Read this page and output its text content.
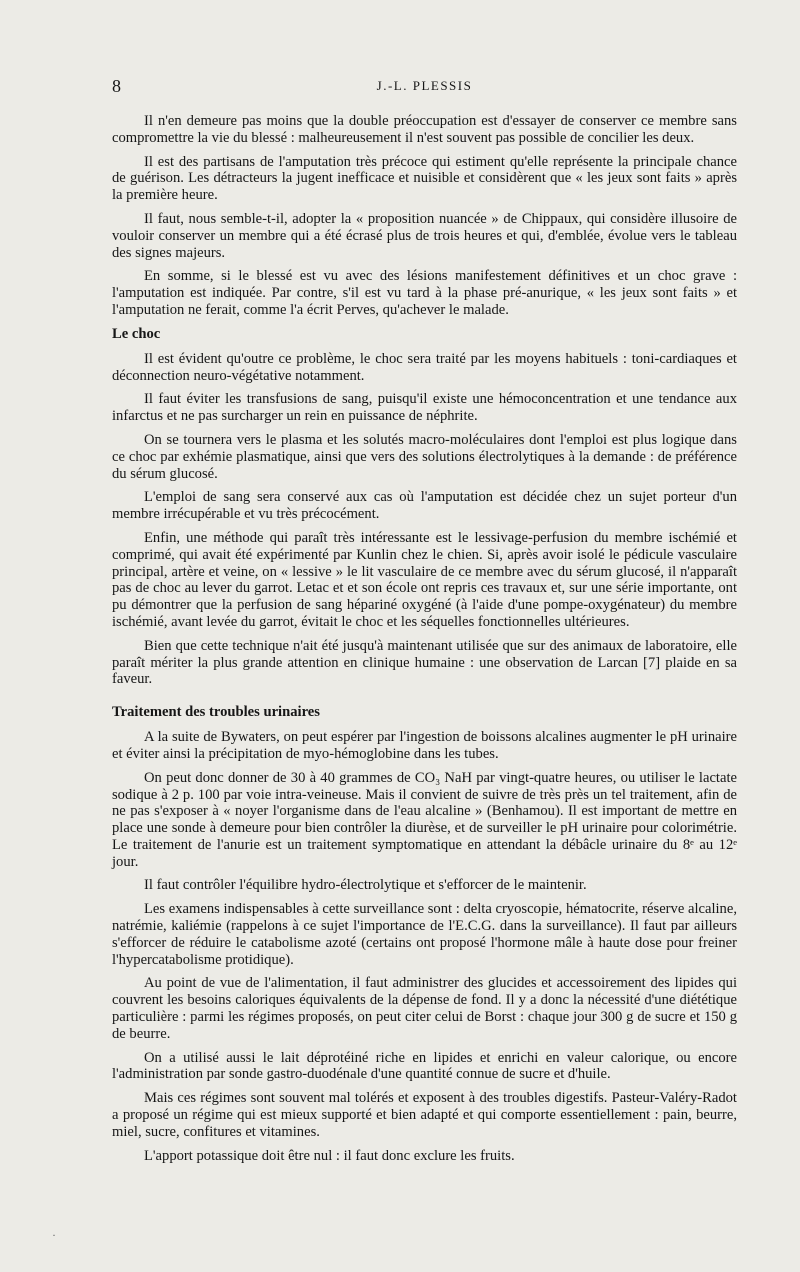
8	J.-L. PLESSIS

Il n'en demeure pas moins que la double préoccupation est d'essayer de conserver ce membre sans compromettre la vie du blessé : malheureusement il n'est souvent pas possible de concilier les deux.

Il est des partisans de l'amputation très précoce qui estiment qu'elle représente la principale chance de guérison. Les détracteurs la jugent inefficace et nuisible et considèrent que « les jeux sont faits » après la première heure.

Il faut, nous semble-t-il, adopter la « proposition nuancée » de Chippaux, qui considère illusoire de vouloir conserver un membre qui a été écrasé plus de trois heures et qui, d'emblée, évolue vers le tableau des signes majeurs.

En somme, si le blessé est vu avec des lésions manifestement définitives et un choc grave : l'amputation est indiquée. Par contre, s'il est vu tard à la phase pré-anurique, « les jeux sont faits » et l'amputation ne ferait, comme l'a écrit Perves, qu'achever le malade.

Le choc

Il est évident qu'outre ce problème, le choc sera traité par les moyens habituels : toni-cardiaques et déconnection neuro-végétative notamment.

Il faut éviter les transfusions de sang, puisqu'il existe une hémoconcentration et une tendance aux infarctus et ne pas surcharger un rein en puissance de néphrite.

On se tournera vers le plasma et les solutés macro-moléculaires dont l'emploi est plus logique dans ce choc par exhémie plasmatique, ainsi que vers des solutions électrolytiques à la demande : de préférence du sérum glucosé.

L'emploi de sang sera conservé aux cas où l'amputation est décidée chez un sujet porteur d'un membre irrécupérable et vu très précocément.

Enfin, une méthode qui paraît très intéressante est le lessivage-perfusion du membre ischémié et comprimé, qui avait été expérimenté par Kunlin chez le chien. Si, après avoir isolé le pédicule vasculaire principal, artère et veine, on « lessive » le lit vasculaire de ce membre avec du sérum glucosé, il n'apparaît pas de choc au lever du garrot. Letac et et son école ont repris ces travaux et, sur une série importante, ont pu démontrer que la perfusion de sang hépariné oxygéné (à l'aide d'une pompe-oxygénateur) du membre ischémié, avant levée du garrot, évitait le choc et les séquelles fonctionnelles ultérieures.

Bien que cette technique n'ait été jusqu'à maintenant utilisée que sur des animaux de laboratoire, elle paraît mériter la plus grande attention en clinique humaine : une observation de Larcan [7] plaide en sa faveur.

Traitement des troubles urinaires

A la suite de Bywaters, on peut espérer par l'ingestion de boissons alcalines augmenter le pH urinaire et éviter ainsi la précipitation de myo-hémoglobine dans les tubes.

On peut donc donner de 30 à 40 grammes de CO₃ NaH par vingt-quatre heures, ou utiliser le lactate sodique à 2 p. 100 par voie intra-veineuse. Mais il convient de suivre de très près un tel traitement, afin de ne pas s'exposer à « noyer l'organisme dans de l'eau alcaline » (Benhamou). Il est important de mettre en place une sonde à demeure pour bien contrôler la diurèse, et de surveiller le pH urinaire pour colorimétrie. Le traitement de l'anurie est un traitement symptomatique en attendant la débâcle urinaire du 8ᵉ au 12ᵉ jour.

Il faut contrôler l'équilibre hydro-électrolytique et s'efforcer de le maintenir.

Les examens indispensables à cette surveillance sont : delta cryoscopie, hématocrite, réserve alcaline, natrémie, kaliémie (rappelons à ce sujet l'importance de l'E.C.G. dans la surveillance). Il faut par ailleurs s'efforcer de réduire le catabolisme azoté (certains ont proposé l'hormone mâle à haute dose pour freiner l'hypercatabolisme protidique).

Au point de vue de l'alimentation, il faut administrer des glucides et accessoirement des lipides qui couvrent les besoins caloriques équivalents de la dépense de fond. Il y a donc la nécessité d'une diététique particulière : parmi les régimes proposés, on peut citer celui de Borst : chaque jour 300 g de sucre et 150 g de beurre.

On a utilisé aussi le lait déprotéiné riche en lipides et enrichi en valeur calorique, ou encore l'administration par sonde gastro-duodénale d'une quantité connue de sucre et d'huile.

Mais ces régimes sont souvent mal tolérés et exposent à des troubles digestifs. Pasteur-Valéry-Radot a proposé un régime qui est mieux supporté et bien adapté et qui comporte essentiellement : pain, beurre, miel, sucre, confitures et vitamines.

L'apport potassique doit être nul : il faut donc exclure les fruits.

·
